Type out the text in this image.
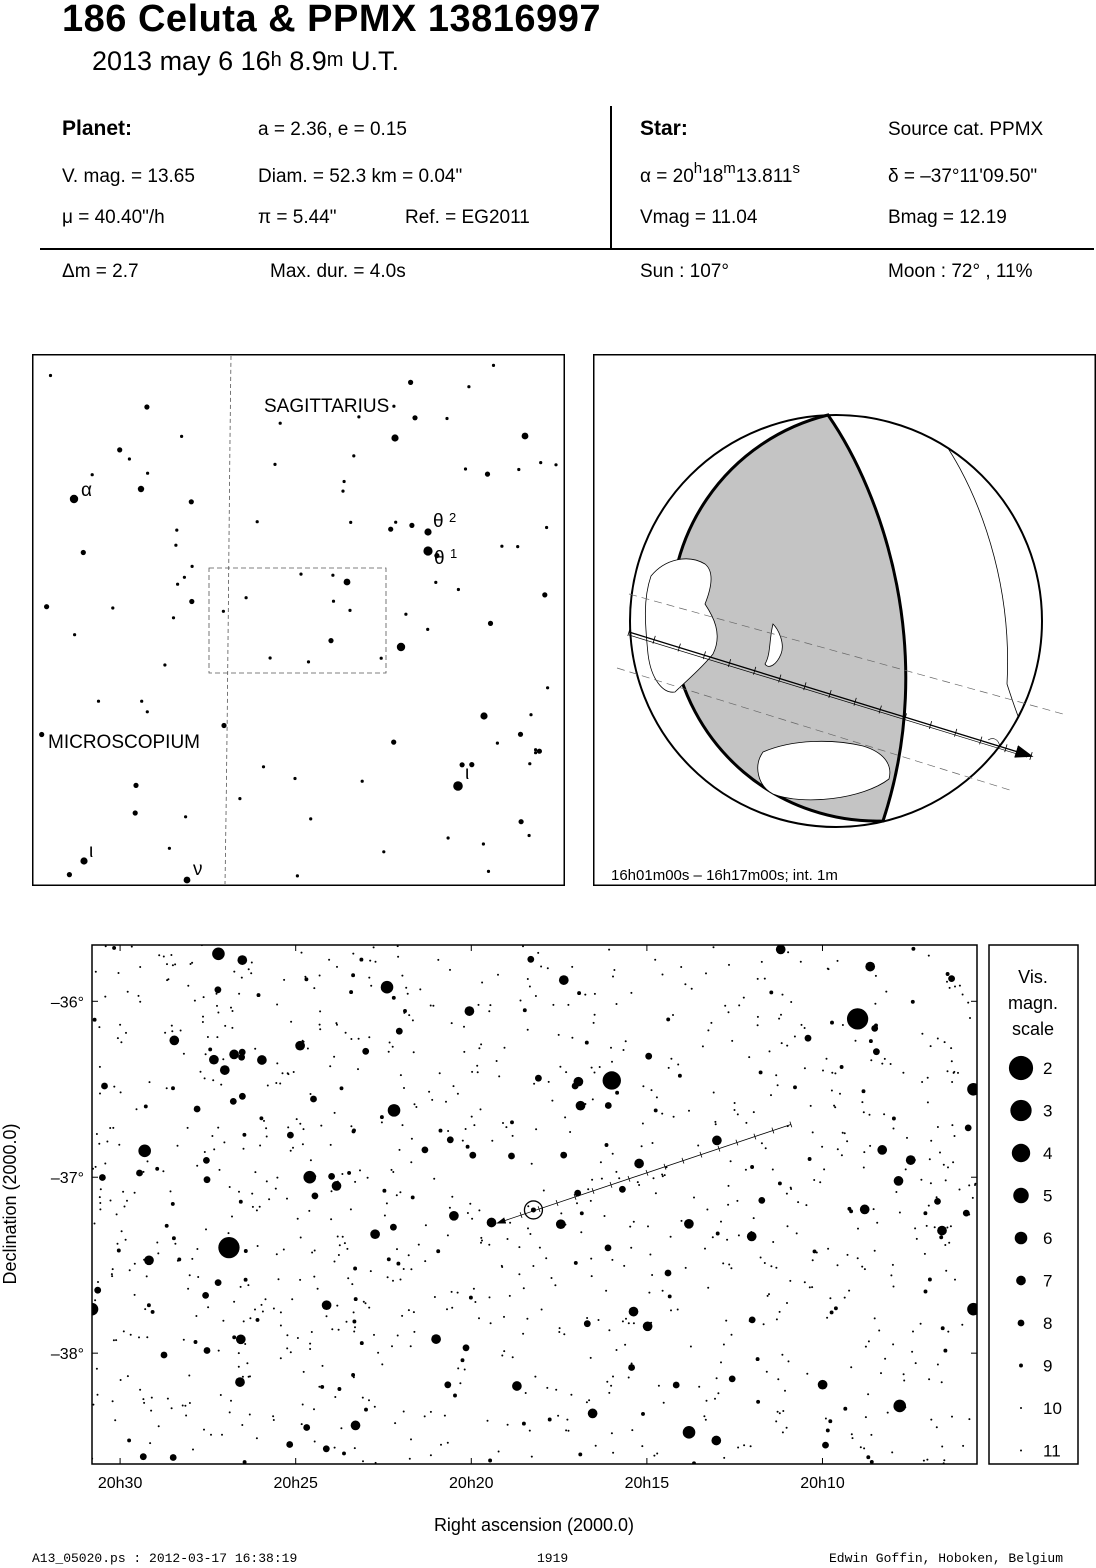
186 Celuta & PPMX 13816997
2013 may 6 16$^h$ 8.9$^m$ U.T.
Planet:	a = 2.36, e = 0.15
V. mag. = 13.65	Diam. = 52.3 km = 0.04"
μ = 40.40"/h	π = 5.44"	Ref. = EG2011
Star:	Source cat. PPMX
$\alpha = 20^h18^m13.811^s$	δ = –37°11'09.50"
Vmag = 11.04	Bmag = 12.19
Δm = 2.7	Max. dur. = 4.0s	Sun : 107°	Moon : 72° , 11%
SAGITTARIUS
MICROSCOPIUM
α
θ 2
θ 1
ι
ι
ν	16h01m00s – 16h17m00s; int. 1m
20h30	20h25	20h20	20h15	20h10
–36°
–37°
–38°
Right ascension (2000.0)
Declination (2000.0)
Vis.
magn.
scale
2
3
4
5
6
7
8
9
10
11
A13_05020.ps : 2012-03-17 16:38:19	1919	Edwin Goffin, Hoboken, Belgium
